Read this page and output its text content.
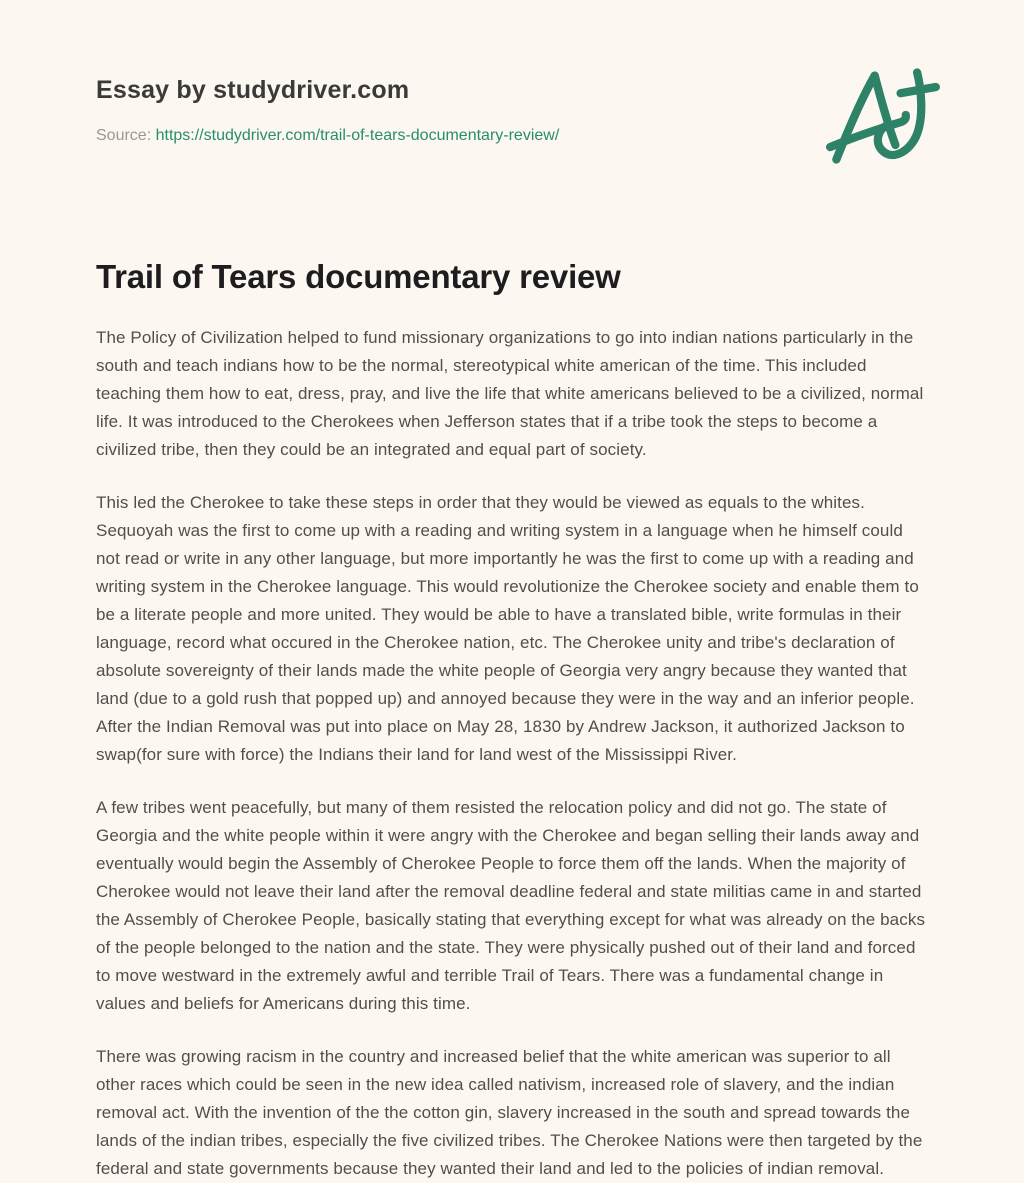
Essay by studydriver.com
Source: https://studydriver.com/trail-of-tears-documentary-review/
Trail of Tears documentary review

The Policy of Civilization helped to fund missionary organizations to go into indian nations particularly in the south and teach indians how to be the normal, stereotypical white american of the time. This included teaching them how to eat, dress, pray, and live the life that white americans believed to be a civilized, normal life. It was introduced to the Cherokees when Jefferson states that if a tribe took the steps to become a civilized tribe, then they could be an integrated and equal part of society.

This led the Cherokee to take these steps in order that they would be viewed as equals to the whites. Sequoyah was the first to come up with a reading and writing system in a language when he himself could not read or write in any other language, but more importantly he was the first to come up with a reading and writing system in the Cherokee language. This would revolutionize the Cherokee society and enable them to be a literate people and more united. They would be able to have a translated bible, write formulas in their language, record what occured in the Cherokee nation, etc. The Cherokee unity and tribe's declaration of absolute sovereignty of their lands made the white people of Georgia very angry because they wanted that land (due to a gold rush that popped up) and annoyed because they were in the way and an inferior people. After the Indian Removal was put into place on May 28, 1830 by Andrew Jackson, it authorized Jackson to swap(for sure with force) the Indians their land for land west of the Mississippi River.

A few tribes went peacefully, but many of them resisted the relocation policy and did not go. The state of Georgia and the white people within it were angry with the Cherokee and began selling their lands away and eventually would begin the Assembly of Cherokee People to force them off the lands. When the majority of Cherokee would not leave their land after the removal deadline federal and state militias came in and started the Assembly of Cherokee People, basically stating that everything except for what was already on the backs of the people belonged to the nation and the state. They were physically pushed out of their land and forced to move westward in the extremely awful and terrible Trail of Tears. There was a fundamental change in values and beliefs for Americans during this time.

There was growing racism in the country and increased belief that the white american was superior to all other races which could be seen in the new idea called nativism, increased role of slavery, and the indian removal act. With the invention of the the cotton gin, slavery increased in the south and spread towards the lands of the indian tribes, especially the five civilized tribes. The Cherokee Nations were then targeted by the federal and state governments because they wanted their land and led to the policies of indian removal.
